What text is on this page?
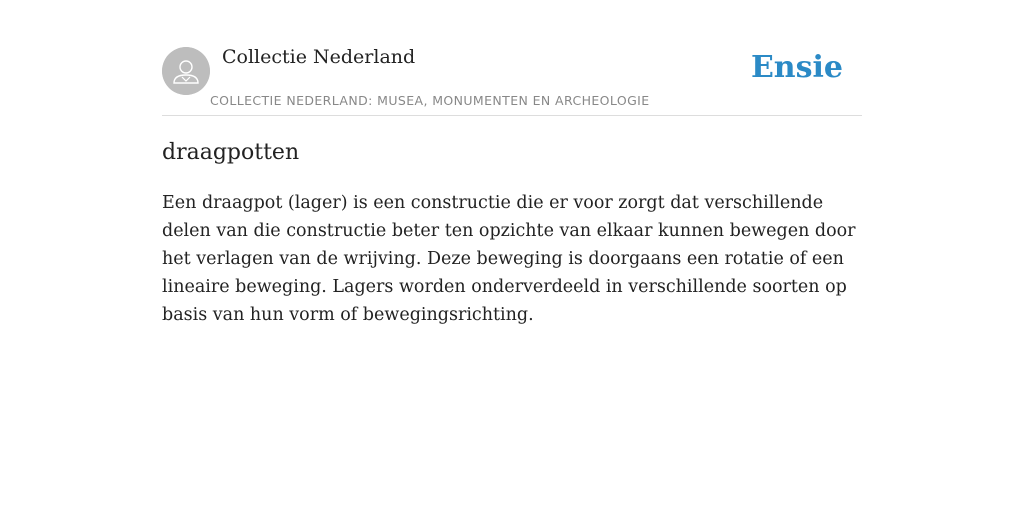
Collectie Nederland
COLLECTIE NEDERLAND: MUSEA, MONUMENTEN EN ARCHEOLOGIE
Ensie
draagpotten

Een draagpot (lager) is een constructie die er voor zorgt dat verschillende delen van die constructie beter ten opzichte van elkaar kunnen bewegen door het verlagen van de wrijving. Deze beweging is doorgaans een rotatie of een lineaire beweging. Lagers worden onderverdeeld in verschillende soorten op basis van hun vorm of bewegingsrichting.
